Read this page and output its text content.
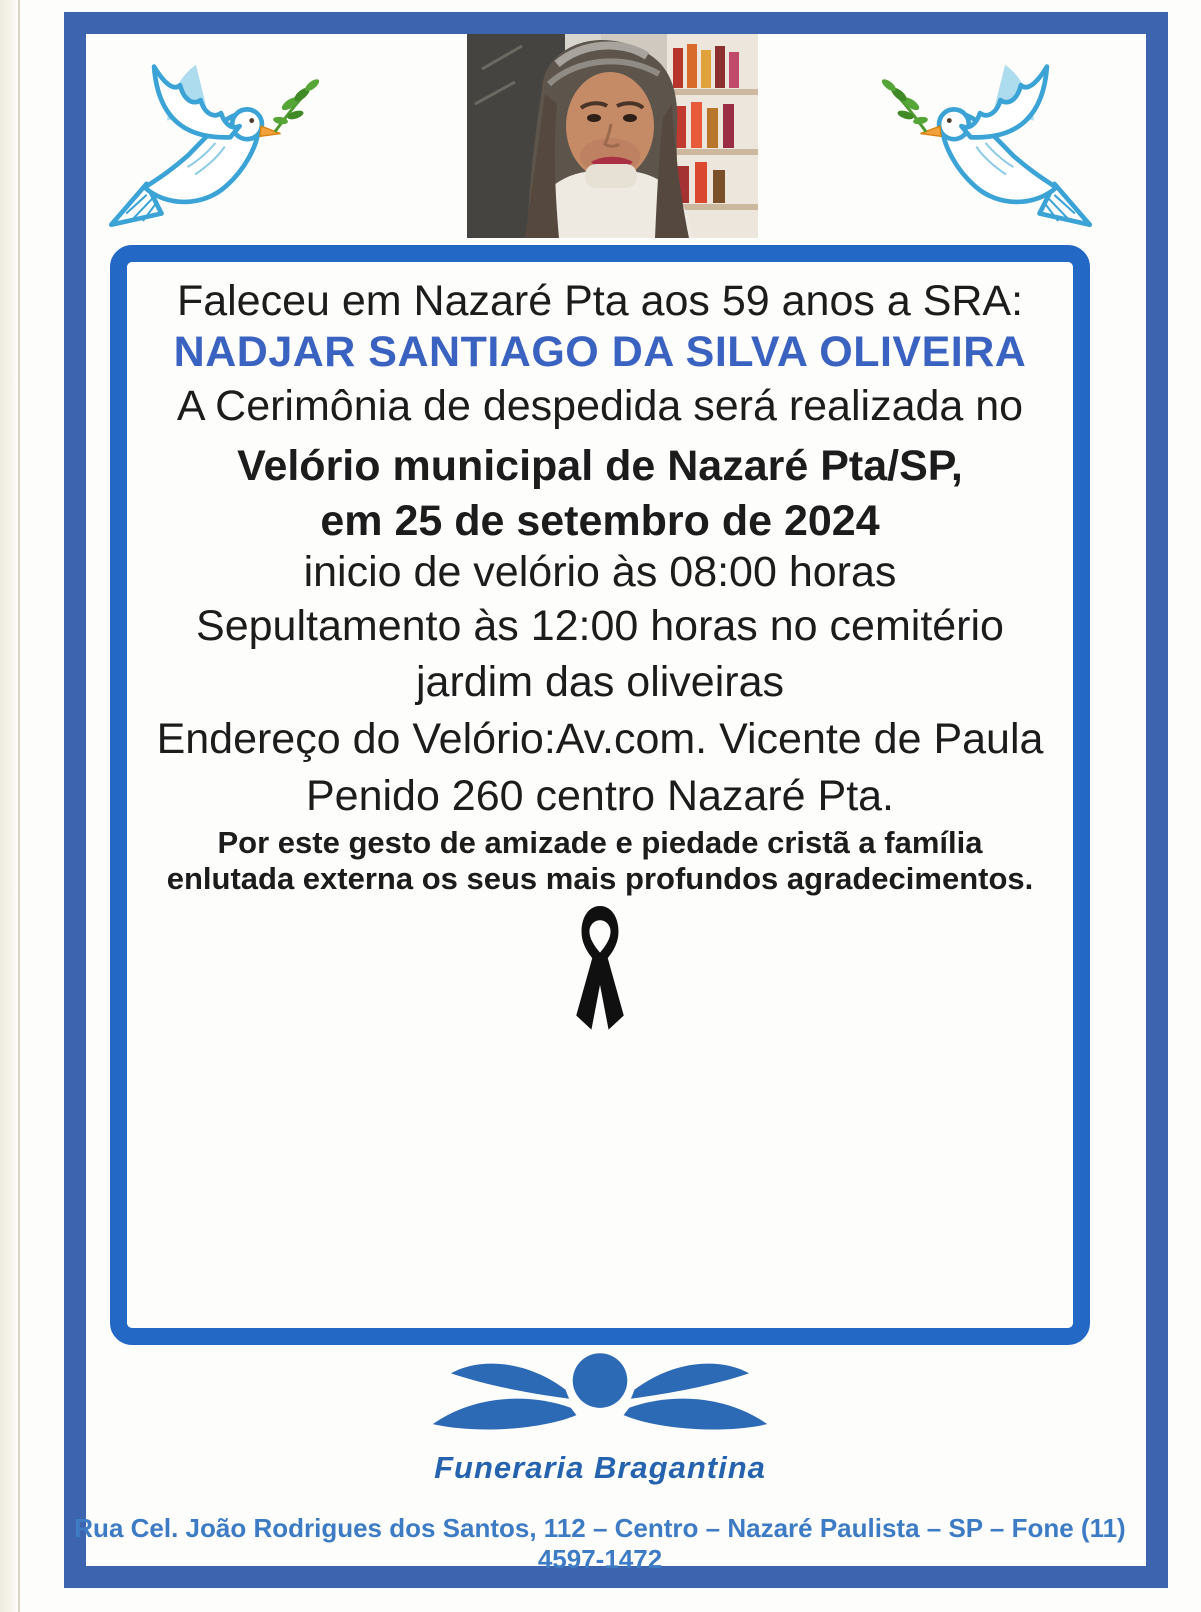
Faleceu em Nazaré Pta aos 59 anos a SRA:

NADJAR SANTIAGO DA SILVA OLIVEIRA

A Cerimônia de despedida será realizada no
Velório municipal de Nazaré Pta/SP,

em 25 de setembro de 2024

inicio de velório às 08:00 horas

Sepultamento às 12:00 horas no cemitério
jardim das oliveiras

Endereço do Velório:Av.com. Vicente de Paula
Penido 260 centro Nazaré Pta.

Por este gesto de amizade e piedade cristã a família

enlutada externa os seus mais profundos agradecimentos.

Funeraria Bragantina
Rua Cel. João Rodrigues dos Santos, 112 – Centro – Nazaré Paulista – SP – Fone (11) 4597-1472
